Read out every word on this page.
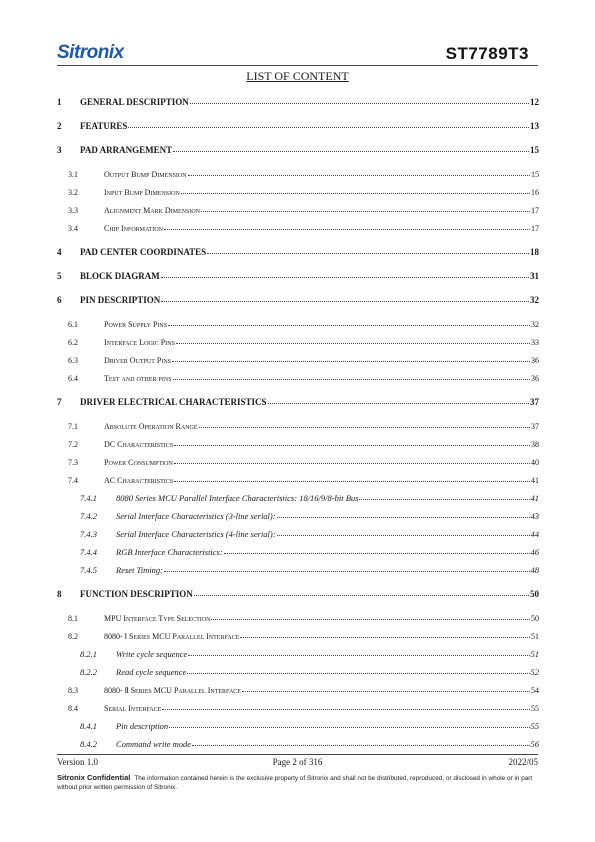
Sitronix	ST7789T3
LIST OF CONTENT
1	GENERAL DESCRIPTION	12
2	FEATURES	13
3	PAD ARRANGEMENT	15
3.1	Output Bump Dimension	15
3.2	Input Bump Dimension	16
3.3	Alignment Mark Dimension	17
3.4	Chip Information	17
4	PAD CENTER COORDINATES	18
5	BLOCK DIAGRAM	31
6	PIN DESCRIPTION	32
6.1	Power Supply Pins	32
6.2	Interface Logic Pins	33
6.3	Driver Output Pins	36
6.4	Test and other pins	36
7	DRIVER ELECTRICAL CHARACTERISTICS	37
7.1	Absolute Operation Range	37
7.2	DC Characteristics	38
7.3	Power Consumption	40
7.4	AC Characteristics	41
7.4.1	8080 Series MCU Parallel Interface Characteristics: 18/16/9/8-bit Bus	41
7.4.2	Serial Interface Characteristics (3-line serial):	43
7.4.3	Serial Interface Characteristics (4-line serial):	44
7.4.4	RGB Interface Characteristics:	46
7.4.5	Reset Timing:	48
8	FUNCTION DESCRIPTION	50
8.1	MPU Interface Type Selection	50
8.2	8080- Ⅰ Series MCU Parallel Interface	51
8.2.1	Write cycle sequence	51
8.2.2	Read cycle sequence	52
8.3	8080- Ⅱ Series MCU Parallel Interface	54
8.4	Serial Interface	55
8.4.1	Pin description	55
8.4.2	Command write mode	56
Version 1.0	Page 2 of 316	2022/05
Sitronix Confidential The information contained herein is the exclusive property of Sitronix and shall not be distributed, reproduced, or disclosed in whole or in part without prior written permission of Sitronix.
